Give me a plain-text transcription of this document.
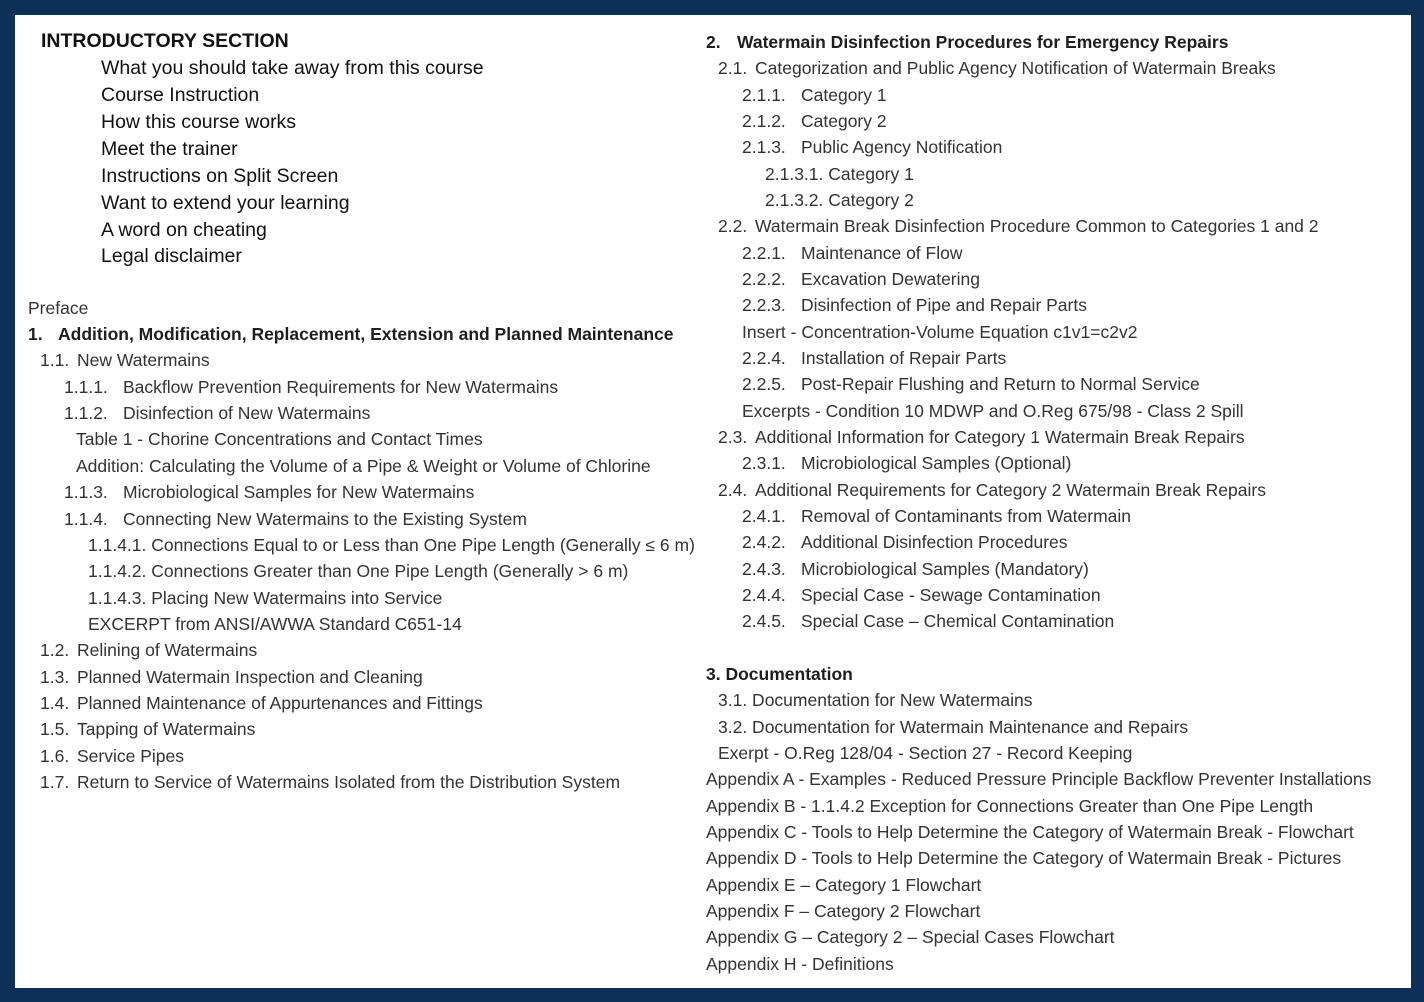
INTRODUCTORY SECTION
What you should take away from this course
Course Instruction
How this course works
Meet the trainer
Instructions on Split Screen
Want to extend your learning
A word on cheating
Legal disclaimer
Preface
1. Addition, Modification, Replacement, Extension and Planned Maintenance
1.1. New Watermains
1.1.1. Backflow Prevention Requirements for New Watermains
1.1.2. Disinfection of New Watermains
Table 1 - Chorine Concentrations and Contact Times
Addition: Calculating the Volume of a Pipe & Weight or Volume of Chlorine
1.1.3. Microbiological Samples for New Watermains
1.1.4. Connecting New Watermains to the Existing System
1.1.4.1. Connections Equal to or Less than One Pipe Length (Generally ≤ 6 m)
1.1.4.2. Connections Greater than One Pipe Length (Generally > 6 m)
1.1.4.3. Placing New Watermains into Service
EXCERPT from ANSI/AWWA Standard C651-14
1.2. Relining of Watermains
1.3. Planned Watermain Inspection and Cleaning
1.4. Planned Maintenance of Appurtenances and Fittings
1.5. Tapping of Watermains
1.6. Service Pipes
1.7. Return to Service of Watermains Isolated from the Distribution System
2. Watermain Disinfection Procedures for Emergency Repairs
2.1. Categorization and Public Agency Notification of Watermain Breaks
2.1.1. Category 1
2.1.2. Category 2
2.1.3. Public Agency Notification
2.1.3.1. Category 1
2.1.3.2. Category 2
2.2. Watermain Break Disinfection Procedure Common to Categories 1 and 2
2.2.1. Maintenance of Flow
2.2.2. Excavation Dewatering
2.2.3. Disinfection of Pipe and Repair Parts
Insert - Concentration-Volume Equation c1v1=c2v2
2.2.4. Installation of Repair Parts
2.2.5. Post-Repair Flushing and Return to Normal Service
Excerpts - Condition 10 MDWP and O.Reg 675/98 - Class 2 Spill
2.3. Additional Information for Category 1 Watermain Break Repairs
2.3.1. Microbiological Samples (Optional)
2.4. Additional Requirements for Category 2 Watermain Break Repairs
2.4.1. Removal of Contaminants from Watermain
2.4.2. Additional Disinfection Procedures
2.4.3. Microbiological Samples (Mandatory)
2.4.4. Special Case - Sewage Contamination
2.4.5. Special Case – Chemical Contamination
3. Documentation
3.1. Documentation for New Watermains
3.2. Documentation for Watermain Maintenance and Repairs
Exerpt - O.Reg 128/04 - Section 27 - Record Keeping
Appendix A - Examples - Reduced Pressure Principle Backflow Preventer Installations
Appendix B - 1.1.4.2 Exception for Connections Greater than One Pipe Length
Appendix C - Tools to Help Determine the Category of Watermain Break - Flowchart
Appendix D - Tools to Help Determine the Category of Watermain Break - Pictures
Appendix E – Category 1 Flowchart
Appendix F – Category 2 Flowchart
Appendix G – Category 2 – Special Cases Flowchart
Appendix H - Definitions
